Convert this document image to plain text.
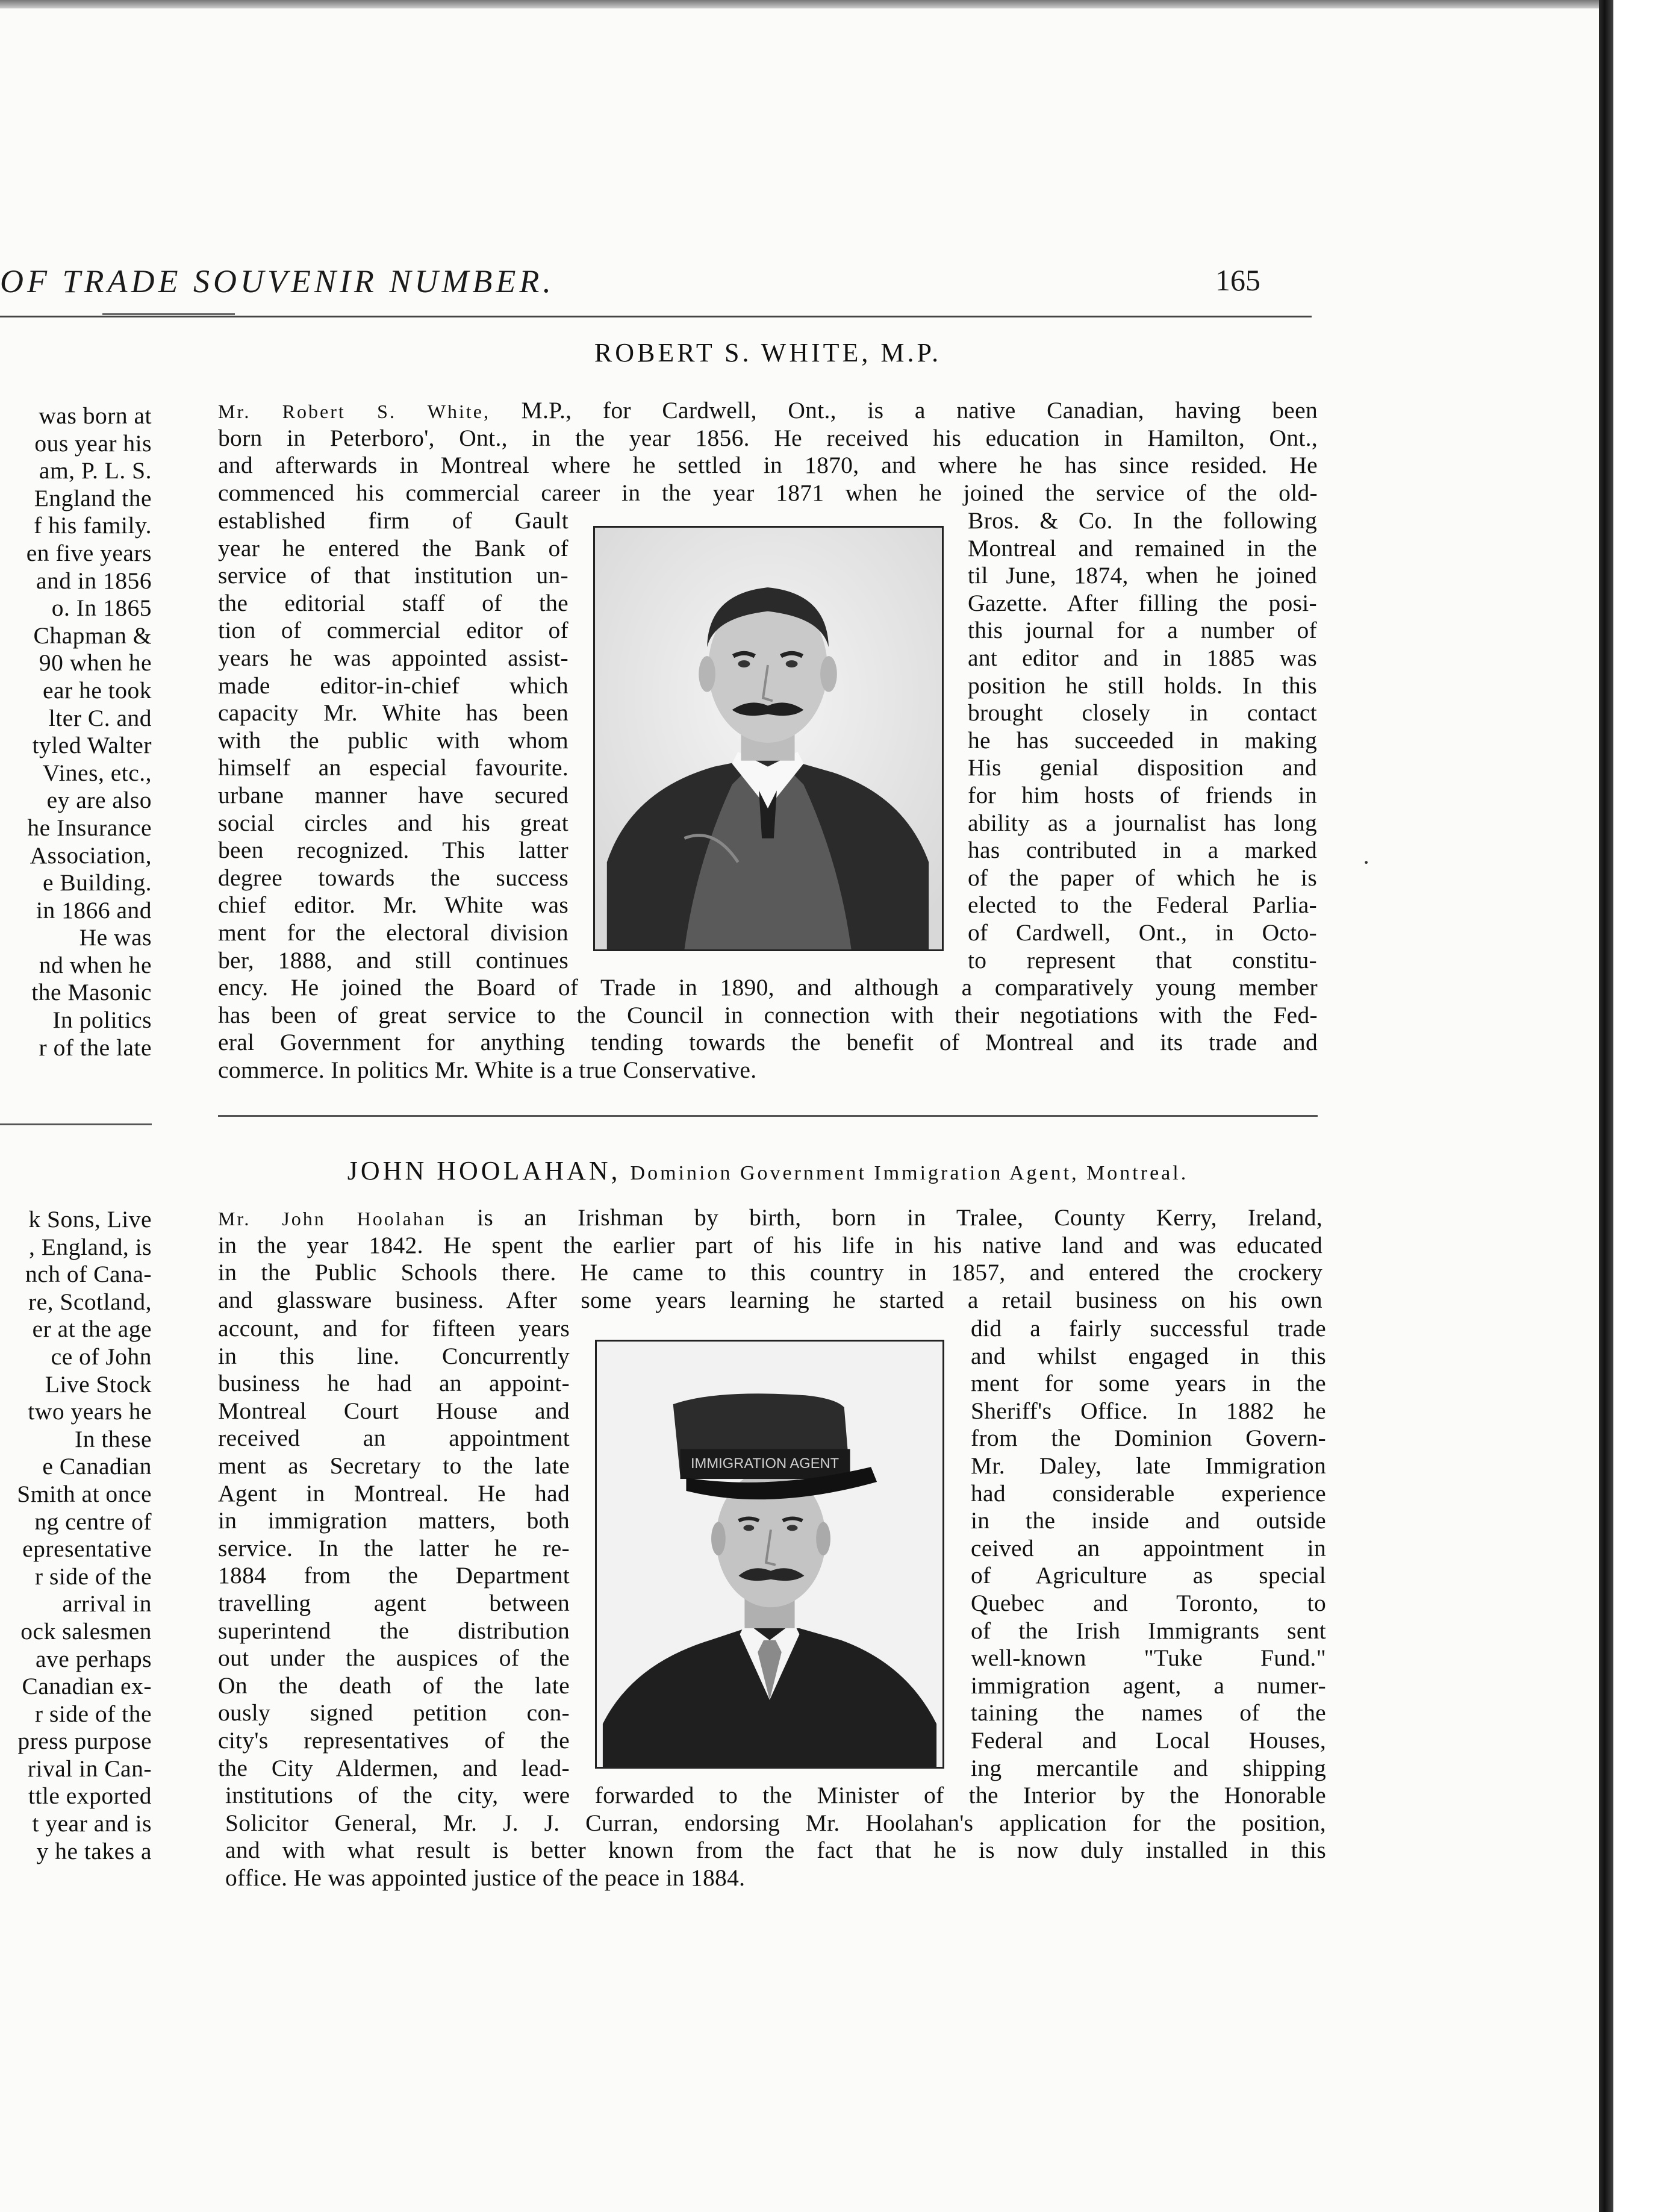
OF TRADE SOUVENIR NUMBER.	165
·

was born at

ous year his

am, P. L. S.

England the

f his family.

en five years

and in 1856

o. In 1865

Chapman &

90 when he

ear he took

lter C. and

tyled Walter

Vines, etc.,

ey are also

he Insurance

Association,

e Building.

in 1866 and

He was

nd when he

the Masonic

In politics

r of the late

k Sons, Live

, England, is

nch of Cana-

re, Scotland,

er at the age

ce of John

Live Stock

two years he

In these

e Canadian

Smith at once

ng centre of

epresentative

r side of the

arrival in

ock salesmen

ave perhaps

Canadian ex-

r side of the

press purpose

rival in Can-

ttle exported

t year and is

y he takes a

ROBERT S. WHITE, M.P.
Mr. Robert S. White, M.P., for Cardwell, Ont., is a native Canadian, having been
born in Peterboro', Ont., in the year 1856. He received his education in Hamilton, Ont.,
and afterwards in Montreal where he settled in 1870, and where he has since resided. He
commenced his commercial career in the year 1871 when he joined the service of the old-
established firm of Gault
year he entered the Bank of
service of that institution un-
the editorial staff of the
tion of commercial editor of
years he was appointed assist-
made editor-in-chief which
capacity Mr. White has been
with the public with whom
himself an especial favourite.
urbane manner have secured
social circles and his great
been recognized. This latter
degree towards the success
chief editor. Mr. White was
ment for the electoral division
ber, 1888, and still continues
Bros. & Co. In the following
Montreal and remained in the
til June, 1874, when he joined
Gazette. After filling the posi-
this journal for a number of
ant editor and in 1885 was
position he still holds. In this
brought closely in contact
he has succeeded in making
His genial disposition and
for him hosts of friends in
ability as a journalist has long
has contributed in a marked
of the paper of which he is
elected to the Federal Parlia-
of Cardwell, Ont., in Octo-
to represent that constitu-
ency. He joined the Board of Trade in 1890, and although a comparatively young member
has been of great service to the Council in connection with their negotiations with the Fed-
eral Government for anything tending towards the benefit of Montreal and its trade and
commerce. In politics Mr. White is a true Conservative.
JOHN HOOLAHAN, Dominion Government Immigration Agent, Montreal.
Mr. John Hoolahan is an Irishman by birth, born in Tralee, County Kerry, Ireland,
in the year 1842. He spent the earlier part of his life in his native land and was educated
in the Public Schools there. He came to this country in 1857, and entered the crockery
and glassware business. After some years learning he started a retail business on his own
account, and for fifteen years
in this line. Concurrently
business he had an appoint-
Montreal Court House and
received an appointment
ment as Secretary to the late
Agent in Montreal. He had
in immigration matters, both
service. In the latter he re-
1884 from the Department
travelling agent between
superintend the distribution
out under the auspices of the
On the death of the late
ously signed petition con-
city's representatives of the
the City Aldermen, and lead-
did a fairly successful trade
and whilst engaged in this
ment for some years in the
Sheriff's Office. In 1882 he
from the Dominion Govern-
Mr. Daley, late Immigration
had considerable experience
in the inside and outside
ceived an appointment in
of Agriculture as special
Quebec and Toronto, to
of the Irish Immigrants sent
well-known "Tuke Fund."
immigration agent, a numer-
taining the names of the
Federal and Local Houses,
ing mercantile and shipping
institutions of the city, were forwarded to the Minister of the Interior by the Honorable
Solicitor General, Mr. J. J. Curran, endorsing Mr. Hoolahan's application for the position,
and with what result is better known from the fact that he is now duly installed in this
office. He was appointed justice of the peace in 1884.
IMMIGRATION AGENT
